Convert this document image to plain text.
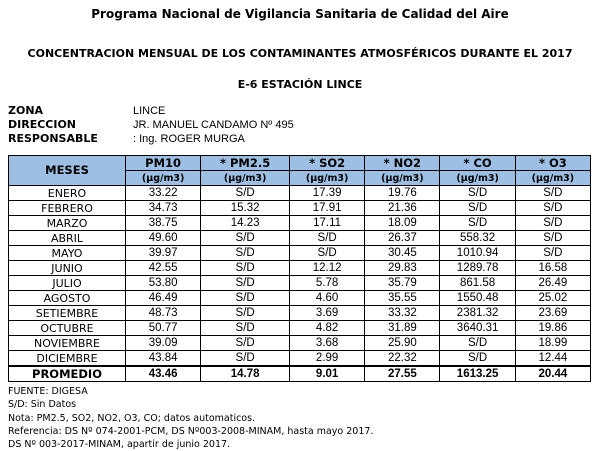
Programa Nacional de Vigilancia Sanitaria de Calidad del Aire
CONCENTRACION MENSUAL DE LOS CONTAMINANTES ATMOSFÉRICOS DURANTE EL 2017
E-6 ESTACIÓN LINCE
ZONA	LINCE
DIRECCION	JR. MANUEL CANDAMO Nº 495
RESPONSABLE	: Ing. ROGER MURGA
MESES	PM10	* PM2.5	* SO2	* NO2	* CO	* O3
	(µg/m3)	(µg/m3)	(µg/m3)	(µg/m3)	(µg/m3)	(µg/m3)
ENERO	33.22	S/D	17.39	19.76	S/D	S/D
FEBRERO	34.73	15.32	17.91	21.36	S/D	S/D
MARZO	38.75	14.23	17.11	18.09	S/D	S/D
ABRIL	49.60	S/D	S/D	26.37	558.32	S/D
MAYO	39.97	S/D	S/D	30.45	1010.94	S/D
JUNIO	42.55	S/D	12.12	29.83	1289.78	16.58
JULIO	53.80	S/D	5.78	35.79	861.58	26.49
AGOSTO	46.49	S/D	4.60	35.55	1550.48	25.02
SETIEMBRE	48.73	S/D	3.69	33.32	2381.32	23.69
OCTUBRE	50.77	S/D	4.82	31.89	3640.31	19.86
NOVIEMBRE	39.09	S/D	3.68	25.90	S/D	18.99
DICIEMBRE	43.84	S/D	2.99	22.32	S/D	12.44
PROMEDIO	43.46	14.78	9.01	27.55	1613.25	20.44
FUENTE: DIGESA
S/D: Sin Datos
Nota: PM2.5, SO2, NO2, O3, CO; datos automaticos.
Referencia: DS Nº 074-2001-PCM, DS Nº003-2008-MINAM, hasta mayo 2017.
DS Nº 003-2017-MINAM, apartir de junio 2017.
